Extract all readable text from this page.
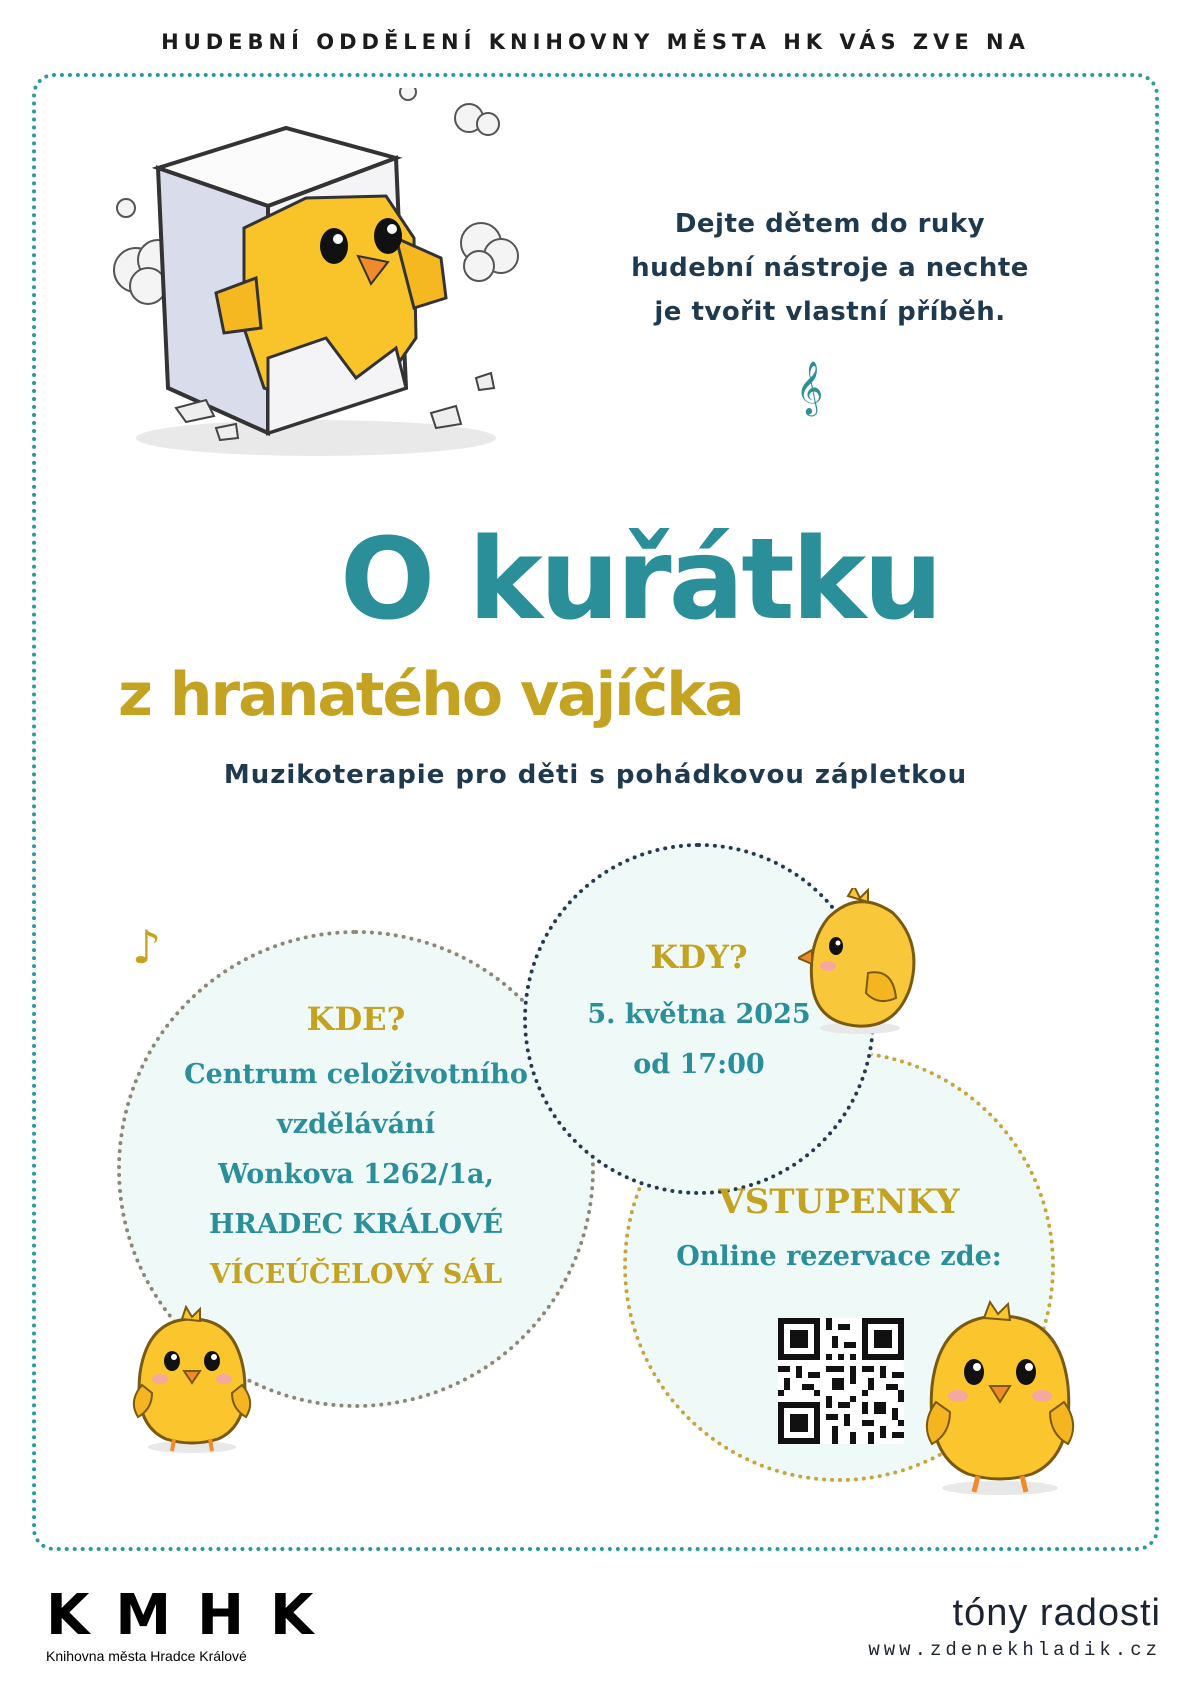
HUDEBNÍ ODDĚLENÍ KNIHOVNY MĚSTA HK VÁS ZVE NA
Dejte dětem do ruky
hudební nástroje a nechte
je tvořit vlastní příběh.
𝄞
O kuřátku
z hranatého vajíčka
Muzikoterapie pro děti s pohádkovou zápletkou
♪
KDE?
Centrum celoživotního
vzdělávání
Wonkova 1262/1a,
HRADEC KRÁLOVÉ
VÍCEÚČELOVÝ SÁL
KDY?
5. května 2025
od 17:00
VSTUPENKY
Online rezervace zde:
KMHK
Knihovna města Hradce Králové
tóny radosti
www.zdenekhladik.cz
